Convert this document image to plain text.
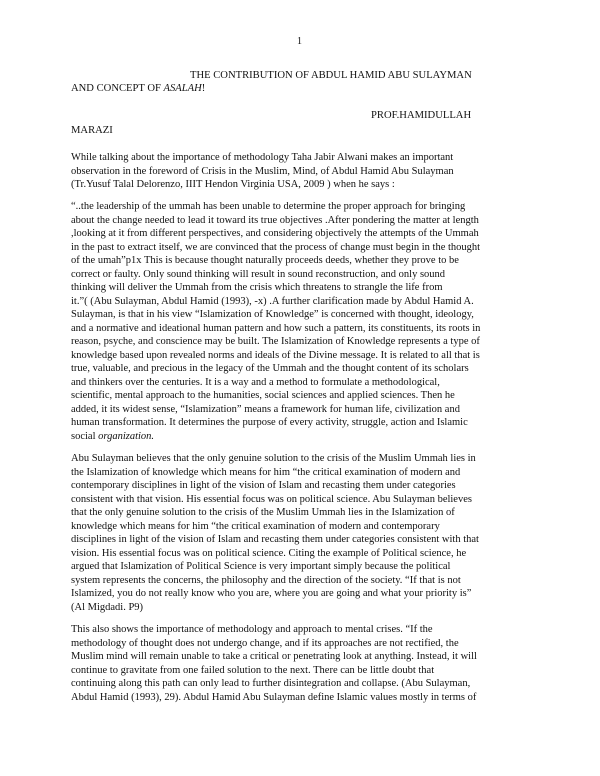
1
THE CONTRIBUTION OF ABDUL HAMID ABU SULAYMAN
AND CONCEPT OF ASALAH!
PROF.HAMIDULLAH
MARAZI
While talking about the importance of methodology Taha Jabir Alwani makes an important
observation in the foreword of Crisis in the Muslim, Mind, of Abdul Hamid Abu Sulayman
(Tr.Yusuf Talal Delorenzo, IIIT Hendon Virginia USA, 2009 ) when he says :
“..the leadership of the ummah has been unable to determine the proper approach for bringing
about the change needed to lead it toward its true objectives .After pondering the matter at length
,looking at it from different perspectives, and considering objectively the attempts of the Ummah
in the past to extract itself, we are convinced that the process of change must begin in the thought
of the umah”p1x This is because thought naturally proceeds deeds, whether they prove to be
correct or faulty. Only sound thinking will result in sound reconstruction, and only sound
thinking will deliver the Ummah from the crisis which threatens to strangle the life from
it.”( (Abu Sulayman, Abdul Hamid (1993), -x) .A further clarification made by Abdul Hamid A.
Sulayman, is that in his view “Islamization of Knowledge” is concerned with thought, ideology,
and a normative and ideational human pattern and how such a pattern, its constituents, its roots in
reason, psyche, and conscience may be built. The Islamization of Knowledge represents a type of
knowledge based upon revealed norms and ideals of the Divine message. It is related to all that is
true, valuable, and precious in the legacy of the Ummah and the thought content of its scholars
and thinkers over the centuries. It is a way and a method to formulate a methodological,
scientific, mental approach to the humanities, social sciences and applied sciences. Then he
added, it its widest sense, “Islamization” means a framework for human life, civilization and
human transformation. It determines the purpose of every activity, struggle, action and Islamic
social organization.
Abu Sulayman believes that the only genuine solution to the crisis of the Muslim Ummah lies in
the Islamization of knowledge which means for him “the critical examination of modern and
contemporary disciplines in light of the vision of Islam and recasting them under categories
consistent with that vision. His essential focus was on political science. Abu Sulayman believes
that the only genuine solution to the crisis of the Muslim Ummah lies in the Islamization of
knowledge which means for him “the critical examination of modern and contemporary
disciplines in light of the vision of Islam and recasting them under categories consistent with that
vision. His essential focus was on political science. Citing the example of Political science, he
argued that Islamization of Political Science is very important simply because the political
system represents the concerns, the philosophy and the direction of the society. “If that is not
Islamized, you do not really know who you are, where you are going and what your priority is”
(Al Migdadi. P9)
This also shows the importance of methodology and approach to mental crises. “If the
methodology of thought does not undergo change, and if its approaches are not rectified, the
Muslim mind will remain unable to take a critical or penetrating look at anything. Instead, it will
continue to gravitate from one failed solution to the next. There can be little doubt that
continuing along this path can only lead to further disintegration and collapse. (Abu Sulayman,
Abdul Hamid (1993), 29). Abdul Hamid Abu Sulayman define Islamic values mostly in terms of
